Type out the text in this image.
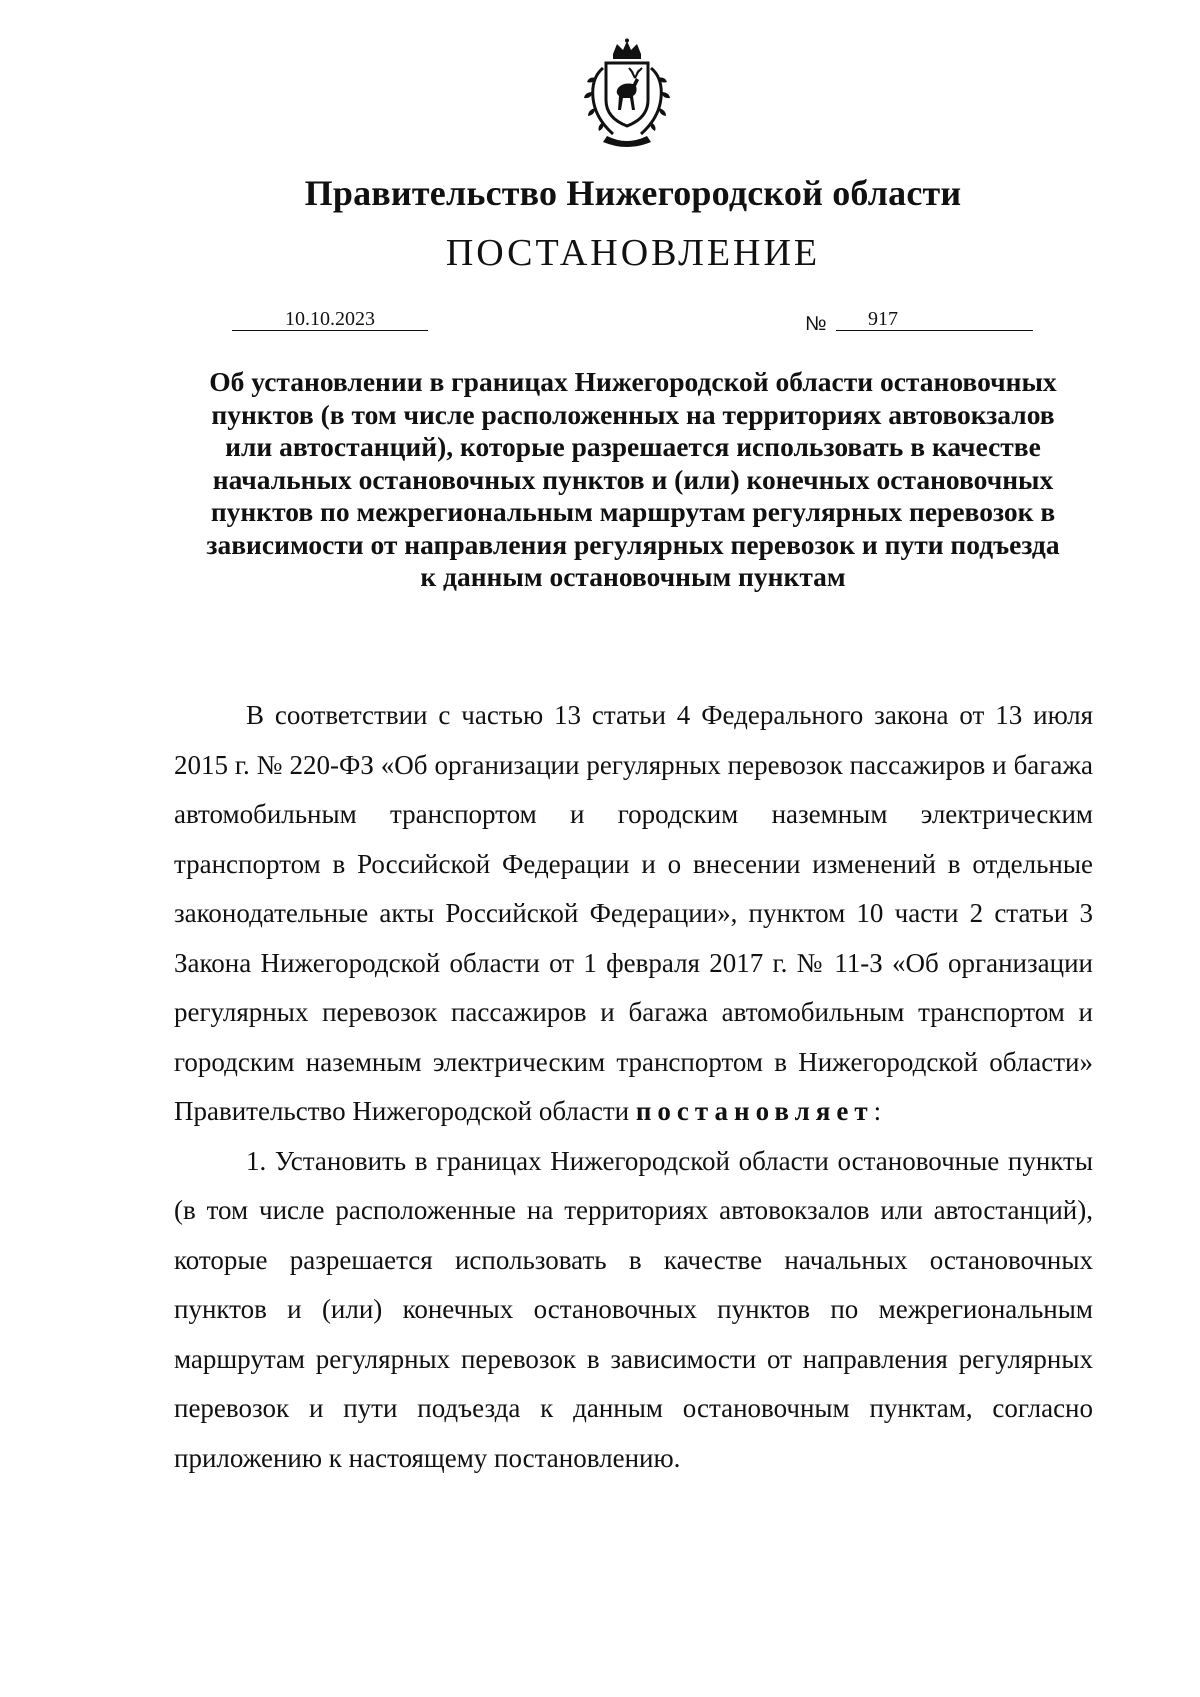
Правительство Нижегородской области
ПОСТАНОВЛЕНИЕ
10.10.2023	№	917
Об установлении в границах Нижегородской области остановочных пунктов (в том числе расположенных на территориях автовокзалов или автостанций), которые разрешается использовать в качестве начальных остановочных пунктов и (или) конечных остановочных пунктов по межрегиональным маршрутам регулярных перевозок в зависимости от направления регулярных перевозок и пути подъезда к данным остановочным пунктам

В соответствии с частью 13 статьи 4 Федерального закона от 13 июля 2015 г. № 220-ФЗ «Об организации регулярных перевозок пассажиров и багажа автомобильным транспортом и городским наземным электрическим транспортом в Российской Федерации и о внесении изменений в отдельные законодательные акты Российской Федерации», пунктом 10 части 2 статьи 3 Закона Нижегородской области от 1 февраля 2017 г. № 11-З «Об организации регулярных перевозок пассажиров и багажа автомобильным транспортом и городским наземным электрическим транспортом в Нижегородской области» Правительство Нижегородской области постановляет:

1. Установить в границах Нижегородской области остановочные пункты (в том числе расположенные на территориях автовокзалов или автостанций), которые разрешается использовать в качестве начальных остановочных пунктов и (или) конечных остановочных пунктов по межрегиональным маршрутам регулярных перевозок в зависимости от направления регулярных перевозок и пути подъезда к данным остановочным пунктам, согласно приложению к настоящему постановлению.
